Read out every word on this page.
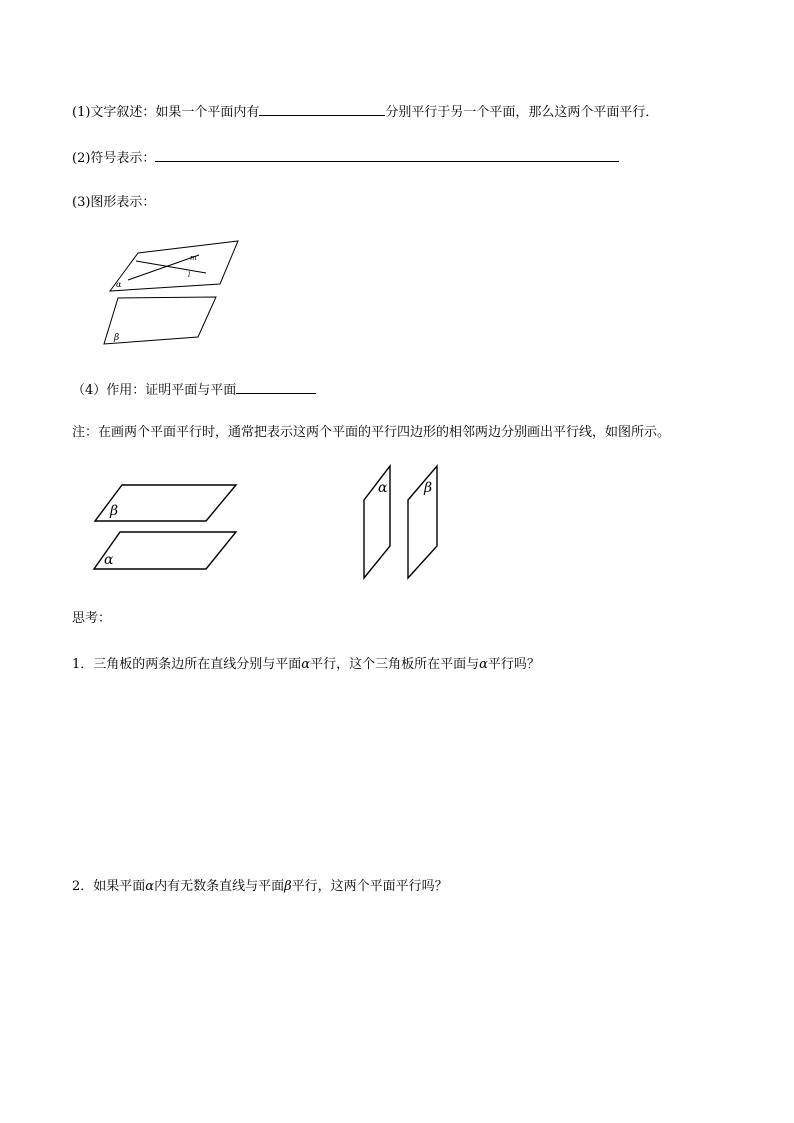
(1)文字叙述：如果一个平面内有	分别平行于另一个平面，那么这两个平面平行．
(2)符号表示：
(3)图形表示：
m
l
α
β
（4）作用：证明平面与平面
注：在画两个平面平行时，通常把表示这两个平面的平行四边形的相邻两边分别画出平行线，如图所示。
β
α
α	β
思考：
1．三角板的两条边所在直线分别与平面α平行，这个三角板所在平面与α平行吗？
2．如果平面α内有无数条直线与平面β平行，这两个平面平行吗？
